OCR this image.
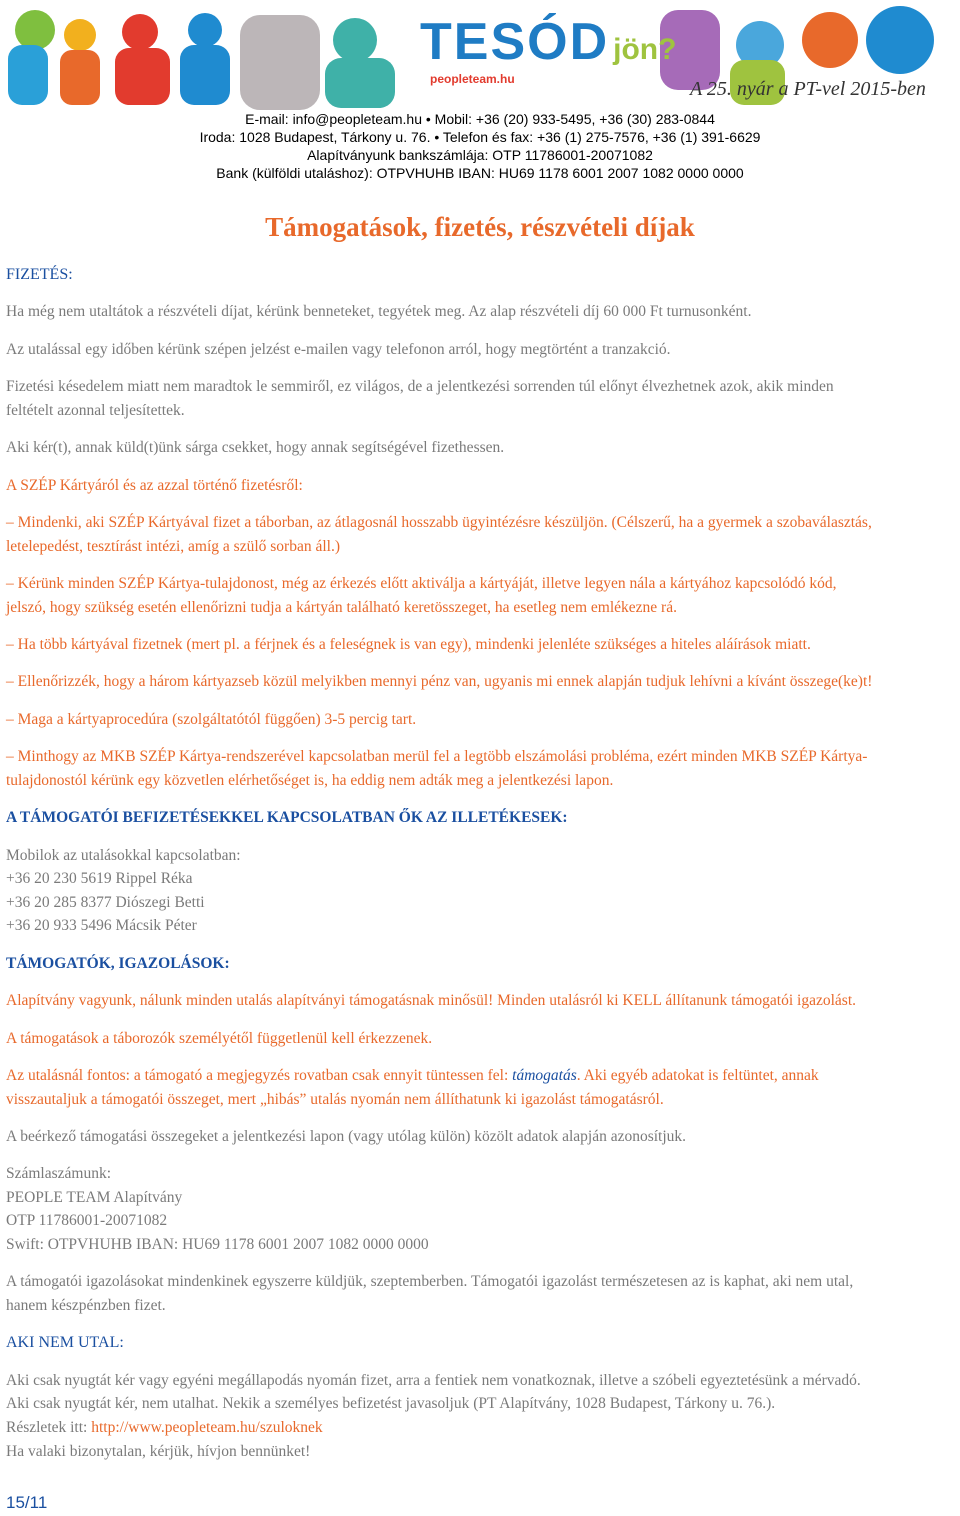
TESÓD jön?
peopleteam.hu	A 25. nyár a PT-vel 2015-ben
E-mail: info@peopleteam.hu • Mobil: +36 (20) 933-5495, +36 (30) 283-0844
Iroda: 1028 Budapest, Tárkony u. 76. • Telefon és fax: +36 (1) 275-7576, +36 (1) 391-6629
Alapítványunk bankszámlája: OTP 11786001-20071082
Bank (külföldi utaláshoz): OTPVHUHB IBAN: HU69 1178 6001 2007 1082 0000 0000
Támogatások, fizetés, részvételi díjak
FIZETÉS:
Ha még nem utaltátok a részvételi díjat, kérünk benneteket, tegyétek meg. Az alap részvételi díj 60 000 Ft turnusonként.
Az utalással egy időben kérünk szépen jelzést e-mailen vagy telefonon arról, hogy megtörtént a tranzakció.
Fizetési késedelem miatt nem maradtok le semmiről, ez világos, de a jelentkezési sorrenden túl előnyt élvezhetnek azok, akik minden
feltételt azonnal teljesítettek.
Aki kér(t), annak küld(t)ünk sárga csekket, hogy annak segítségével fizethessen.
A SZÉP Kártyáról és az azzal történő fizetésről:
– Mindenki, aki SZÉP Kártyával fizet a táborban, az átlagosnál hosszabb ügyintézésre készüljön. (Célszerű, ha a gyermek a szobaválasztás,
letelepedést, tesztírást intézi, amíg a szülő sorban áll.)
– Kérünk minden SZÉP Kártya-tulajdonost, még az érkezés előtt aktiválja a kártyáját, illetve legyen nála a kártyához kapcsolódó kód,
jelszó, hogy szükség esetén ellenőrizni tudja a kártyán található keretösszeget, ha esetleg nem emlékezne rá.
– Ha több kártyával fizetnek (mert pl. a férjnek és a feleségnek is van egy), mindenki jelenléte szükséges a hiteles aláírások miatt.
– Ellenőrizzék, hogy a három kártyazseb közül melyikben mennyi pénz van, ugyanis mi ennek alapján tudjuk lehívni a kívánt összege(ke)t!
– Maga a kártyaprocedúra (szolgáltatótól függően) 3-5 percig tart.
– Minthogy az MKB SZÉP Kártya-rendszerével kapcsolatban merül fel a legtöbb elszámolási probléma, ezért minden MKB SZÉP Kártya-
tulajdonostól kérünk egy közvetlen elérhetőséget is, ha eddig nem adták meg a jelentkezési lapon.
A TÁMOGATÓI BEFIZETÉSEKKEL KAPCSOLATBAN ŐK AZ ILLETÉKESEK:
Mobilok az utalásokkal kapcsolatban:
+36 20 230 5619 Rippel Réka
+36 20 285 8377 Diószegi Betti
+36 20 933 5496 Mácsik Péter
TÁMOGATÓK, IGAZOLÁSOK:
Alapítvány vagyunk, nálunk minden utalás alapítványi támogatásnak minősül! Minden utalásról ki KELL állítanunk támogatói igazolást.
A támogatások a táborozók személyétől függetlenül kell érkezzenek.
Az utalásnál fontos: a támogató a megjegyzés rovatban csak ennyit tüntessen fel: támogatás. Aki egyéb adatokat is feltüntet, annak
visszautaljuk a támogatói összeget, mert „hibás” utalás nyomán nem állíthatunk ki igazolást támogatásról.
A beérkező támogatási összegeket a jelentkezési lapon (vagy utólag külön) közölt adatok alapján azonosítjuk.
Számlaszámunk:
PEOPLE TEAM Alapítvány
OTP 11786001-20071082
Swift: OTPVHUHB IBAN: HU69 1178 6001 2007 1082 0000 0000
A támogatói igazolásokat mindenkinek egyszerre küldjük, szeptemberben. Támogatói igazolást természetesen az is kaphat, aki nem utal,
hanem készpénzben fizet.
AKI NEM UTAL:
Aki csak nyugtát kér vagy egyéni megállapodás nyomán fizet, arra a fentiek nem vonatkoznak, illetve a szóbeli egyeztetésünk a mérvadó.
Aki csak nyugtát kér, nem utalhat. Nekik a személyes befizetést javasoljuk (PT Alapítvány, 1028 Budapest, Tárkony u. 76.).
Részletek itt: http://www.peopleteam.hu/szuloknek
Ha valaki bizonytalan, kérjük, hívjon bennünket!
15/11
